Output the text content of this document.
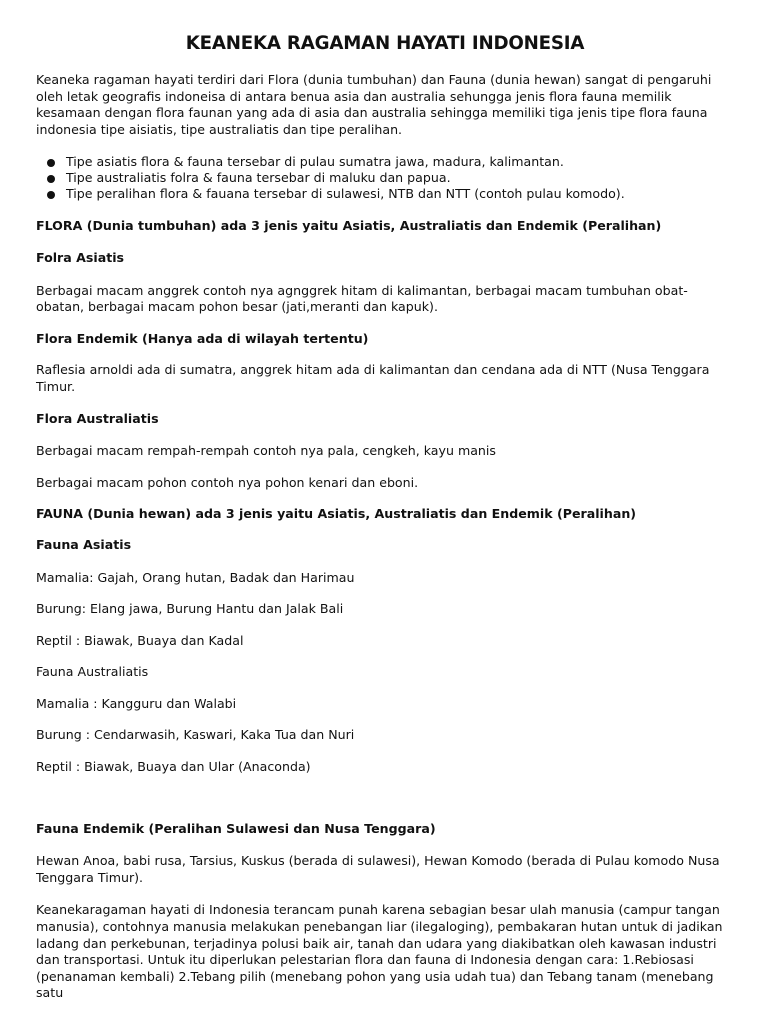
KEANEKA RAGAMAN HAYATI INDONESIA

Keaneka ragaman hayati terdiri dari Flora (dunia tumbuhan) dan Fauna (dunia hewan) sangat di pengaruhi oleh letak geografis indoneisa di antara benua asia dan australia sehungga jenis flora fauna memilik kesamaan dengan flora faunan yang ada di asia dan australia sehingga memiliki tiga jenis tipe flora fauna indonesia tipe aisiatis, tipe australiatis dan tipe peralihan.

Tipe asiatis flora & fauna tersebar di pulau sumatra jawa, madura, kalimantan.
Tipe australiatis folra & fauna tersebar di maluku dan papua.
Tipe peralihan flora & fauana tersebar di sulawesi, NTB dan NTT (contoh pulau komodo).

FLORA (Dunia tumbuhan) ada 3 jenis yaitu Asiatis, Australiatis dan Endemik (Peralihan)

Folra Asiatis

Berbagai macam anggrek contoh nya agnggrek hitam di kalimantan, berbagai macam tumbuhan obat-obatan, berbagai macam pohon besar (jati,meranti dan kapuk).

Flora Endemik (Hanya ada di wilayah tertentu)

Raflesia arnoldi ada di sumatra, anggrek hitam ada di kalimantan dan cendana ada di NTT (Nusa Tenggara Timur.

Flora Australiatis

Berbagai macam rempah-rempah contoh nya pala, cengkeh, kayu manis

Berbagai macam pohon contoh nya pohon kenari dan eboni.

FAUNA (Dunia hewan) ada 3 jenis yaitu Asiatis, Australiatis dan Endemik (Peralihan)

Fauna Asiatis

Mamalia: Gajah, Orang hutan, Badak dan Harimau

Burung: Elang jawa, Burung Hantu dan Jalak Bali

Reptil : Biawak, Buaya dan Kadal

Fauna Australiatis

Mamalia : Kangguru dan Walabi

Burung : Cendarwasih, Kaswari, Kaka Tua dan Nuri

Reptil : Biawak, Buaya dan Ular (Anaconda)

Fauna Endemik (Peralihan Sulawesi dan Nusa Tenggara)

Hewan Anoa, babi rusa, Tarsius, Kuskus (berada di sulawesi), Hewan Komodo (berada di Pulau komodo Nusa Tenggara Timur).

Keanekaragaman hayati di Indonesia terancam punah karena sebagian besar ulah manusia (campur tangan manusia), contohnya manusia melakukan penebangan liar (ilegaloging), pembakaran hutan untuk di jadikan ladang dan perkebunan, terjadinya polusi baik air, tanah dan udara yang diakibatkan oleh kawasan industri dan transportasi. Untuk itu diperlukan pelestarian flora dan fauna di Indonesia dengan cara: 1.Rebiosasi (penanaman kembali) 2.Tebang pilih (menebang pohon yang usia udah tua) dan Tebang tanam (menebang satu
